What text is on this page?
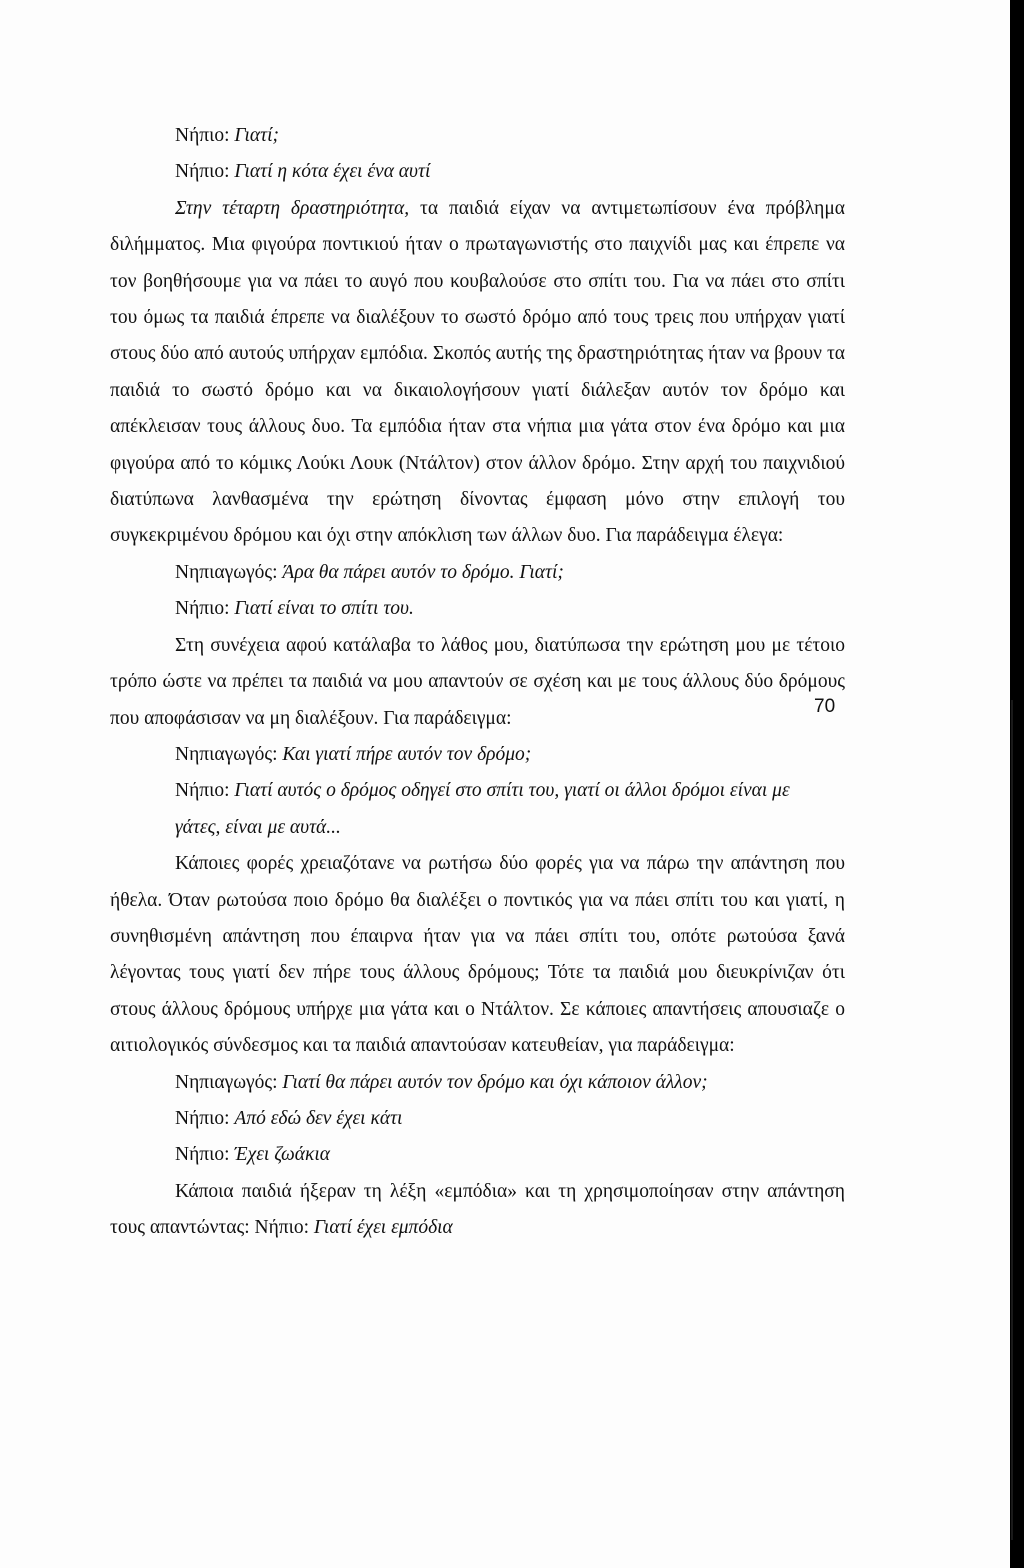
Νήπιο: Γιατί;

Νήπιο: Γιατί η κότα έχει ένα αυτί

Στην τέταρτη δραστηριότητα, τα παιδιά είχαν να αντιμετωπίσουν ένα πρόβλημα διλήμματος. Μια φιγούρα ποντικιού ήταν ο πρωταγωνιστής στο παιχνίδι μας και έπρεπε να τον βοηθήσουμε για να πάει το αυγό που κουβαλούσε στο σπίτι του. Για να πάει στο σπίτι του όμως τα παιδιά έπρεπε να διαλέξουν το σωστό δρόμο από τους τρεις που υπήρχαν γιατί στους δύο από αυτούς υπήρχαν εμπόδια. Σκοπός αυτής της δραστηριότητας ήταν να βρουν τα παιδιά το σωστό δρόμο και να δικαιολογήσουν γιατί διάλεξαν αυτόν τον δρόμο και απέκλεισαν τους άλλους δυο. Τα εμπόδια ήταν στα νήπια μια γάτα στον ένα δρόμο και μια φιγούρα από το κόμικς Λούκι Λουκ (Ντάλτον) στον άλλον δρόμο. Στην αρχή του παιχνιδιού διατύπωνα λανθασμένα την ερώτηση δίνοντας έμφαση μόνο στην επιλογή του συγκεκριμένου δρόμου και όχι στην απόκλιση των άλλων δυο. Για παράδειγμα έλεγα:

Νηπιαγωγός: Άρα θα πάρει αυτόν το δρόμο. Γιατί;

Νήπιο: Γιατί είναι το σπίτι του.

Στη συνέχεια αφού κατάλαβα το λάθος μου, διατύπωσα την ερώτηση μου με τέτοιο τρόπο ώστε να πρέπει τα παιδιά να μου απαντούν σε σχέση και με τους άλλους δύο δρόμους που αποφάσισαν να μη διαλέξουν. Για παράδειγμα:

Νηπιαγωγός: Και γιατί πήρε αυτόν τον δρόμο;

Νήπιο: Γιατί αυτός ο δρόμος οδηγεί στο σπίτι του, γιατί οι άλλοι δρόμοι είναι με

γάτες, είναι με αυτά...

Κάποιες φορές χρειαζότανε να ρωτήσω δύο φορές για να πάρω την απάντηση που ήθελα. Όταν ρωτούσα ποιο δρόμο θα διαλέξει ο ποντικός για να πάει σπίτι του και γιατί, η συνηθισμένη απάντηση που έπαιρνα ήταν για να πάει σπίτι του, οπότε ρωτούσα ξανά λέγοντας τους γιατί δεν πήρε τους άλλους δρόμους; Τότε τα παιδιά μου διευκρίνιζαν ότι στους άλλους δρόμους υπήρχε μια γάτα και ο Ντάλτον. Σε κάποιες απαντήσεις απουσιαζε ο αιτιολογικός σύνδεσμος και τα παιδιά απαντούσαν κατευθείαν, για παράδειγμα:

Νηπιαγωγός: Γιατί θα πάρει αυτόν τον δρόμο και όχι κάποιον άλλον;

Νήπιο: Από εδώ δεν έχει κάτι

Νήπιο: Έχει ζωάκια

Κάποια παιδιά ήξεραν τη λέξη «εμπόδια» και τη χρησιμοποίησαν στην απάντηση τους απαντώντας: Νήπιο: Γιατί έχει εμπόδια

70
